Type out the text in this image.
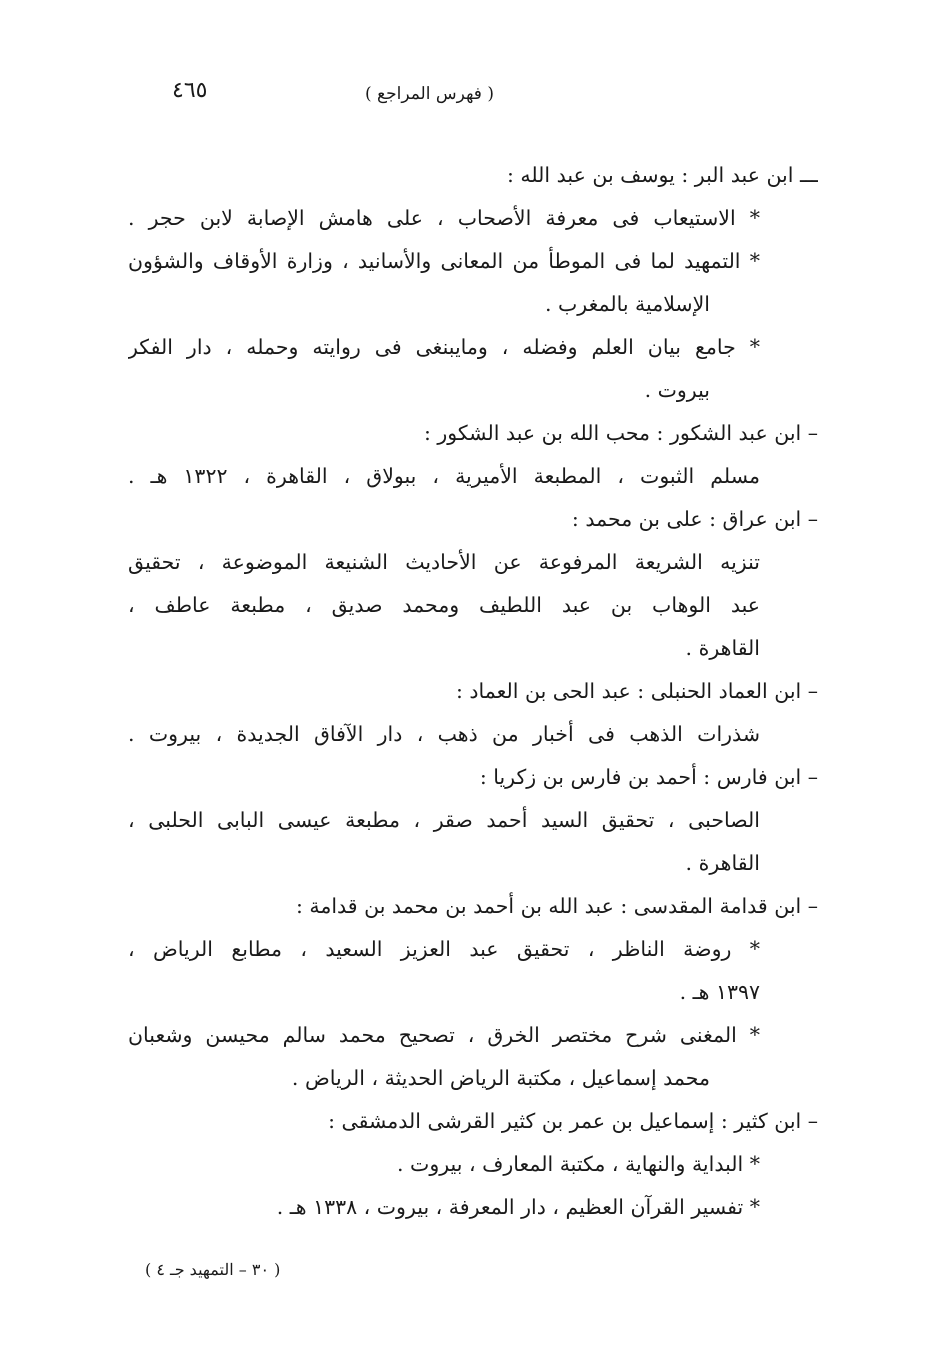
٤٦٥	( فهرس المراجع )
ـــ ابن عبد البر : يوسف بن عبد الله :
* الاستيعاب فى معرفة الأصحاب ، على هامش الإصابة لابن حجر .
* التمهيد لما فى الموطأ من المعانى والأسانيد ، وزارة الأوقاف والشؤون
الإسلامية بالمغرب .
* جامع بيان العلم وفضله ، ومايبنغى فى روايته وحمله ، دار الفكر
بيروت .
– ابن عبد الشكور : محب الله بن عبد الشكور :
مسلم الثبوت ، المطبعة الأميرية ، ببولاق ، القاهرة ، ١٣٢٢ هـ .
– ابن عراق : على بن محمد :
تنزيه الشريعة المرفوعة عن الأحاديث الشنيعة الموضوعة ، تحقيق
عبد الوهاب بن عبد اللطيف ومحمد صديق ، مطبعة عاطف ،
القاهرة .
– ابن العماد الحنبلى : عبد الحى بن العماد :
شذرات الذهب فى أخبار من ذهب ، دار الآفاق الجديدة ، بيروت .
– ابن فارس : أحمد بن فارس بن زكريا :
الصاحبى ، تحقيق السيد أحمد صقر ، مطبعة عيسى البابى الحلبى ،
القاهرة .
– ابن قدامة المقدسى : عبد الله بن أحمد بن محمد بن قدامة :
* روضة الناظر ، تحقيق عبد العزيز السعيد ، مطابع الرياض ،
١٣٩٧ هـ .
* المغنى شرح مختصر الخرق ، تصحيح محمد سالم محيسن وشعبان
محمد إسماعيل ، مكتبة الرياض الحديثة ، الرياض .
– ابن كثير : إسماعيل بن عمر بن كثير القرشى الدمشقى :
* البداية والنهاية ، مكتبة المعارف ، بيروت .
* تفسير القرآن العظيم ، دار المعرفة ، بيروت ، ١٣٣٨ هـ .
( ٣٠ – التمهيد جـ ٤ )
